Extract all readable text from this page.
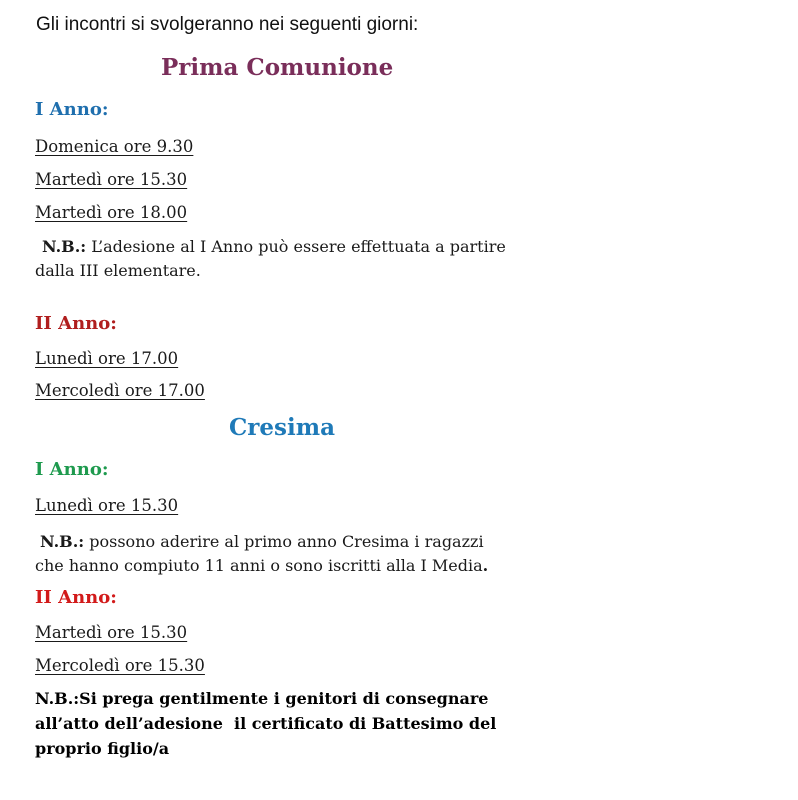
Gli incontri si svolgeranno nei seguenti giorni:
Prima Comunione
I Anno:
Domenica ore 9.30
Martedì ore 15.30
Martedì ore 18.00
N.B.: L’adesione al I Anno può essere effettuata a partire
dalla III elementare.
II Anno:
Lunedì ore 17.00
Mercoledì ore 17.00
Cresima
I Anno:
Lunedì ore 15.30
N.B.: possono aderire al primo anno Cresima i ragazzi
che hanno compiuto 11 anni o sono iscritti alla I Media.
II Anno:
Martedì ore 15.30
Mercoledì ore 15.30
N.B.:Si prega gentilmente i genitori di consegnare
all’atto dell’adesione  il certificato di Battesimo del
proprio figlio/a
